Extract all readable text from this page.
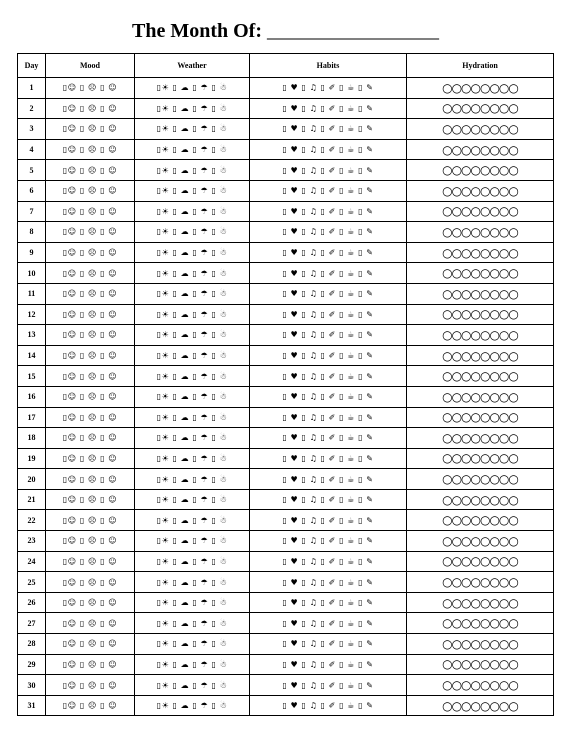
The Month Of: ___________________
Day	Mood	Weather	Habits	Hydration
1	▯☺ ▯ ☹ ▯ ☺	▯☀ ▯ ☁ ▯ ☂ ▯ ☃	▯ ♥ ▯ ♫ ▯ ✐ ▯ ☕ ▯ ✎	○○○○○○○○
2	▯☺ ▯ ☹ ▯ ☺	▯☀ ▯ ☁ ▯ ☂ ▯ ☃	▯ ♥ ▯ ♫ ▯ ✐ ▯ ☕ ▯ ✎	○○○○○○○○
3	▯☺ ▯ ☹ ▯ ☺	▯☀ ▯ ☁ ▯ ☂ ▯ ☃	▯ ♥ ▯ ♫ ▯ ✐ ▯ ☕ ▯ ✎	○○○○○○○○
4	▯☺ ▯ ☹ ▯ ☺	▯☀ ▯ ☁ ▯ ☂ ▯ ☃	▯ ♥ ▯ ♫ ▯ ✐ ▯ ☕ ▯ ✎	○○○○○○○○
5	▯☺ ▯ ☹ ▯ ☺	▯☀ ▯ ☁ ▯ ☂ ▯ ☃	▯ ♥ ▯ ♫ ▯ ✐ ▯ ☕ ▯ ✎	○○○○○○○○
6	▯☺ ▯ ☹ ▯ ☺	▯☀ ▯ ☁ ▯ ☂ ▯ ☃	▯ ♥ ▯ ♫ ▯ ✐ ▯ ☕ ▯ ✎	○○○○○○○○
7	▯☺ ▯ ☹ ▯ ☺	▯☀ ▯ ☁ ▯ ☂ ▯ ☃	▯ ♥ ▯ ♫ ▯ ✐ ▯ ☕ ▯ ✎	○○○○○○○○
8	▯☺ ▯ ☹ ▯ ☺	▯☀ ▯ ☁ ▯ ☂ ▯ ☃	▯ ♥ ▯ ♫ ▯ ✐ ▯ ☕ ▯ ✎	○○○○○○○○
9	▯☺ ▯ ☹ ▯ ☺	▯☀ ▯ ☁ ▯ ☂ ▯ ☃	▯ ♥ ▯ ♫ ▯ ✐ ▯ ☕ ▯ ✎	○○○○○○○○
10	▯☺ ▯ ☹ ▯ ☺	▯☀ ▯ ☁ ▯ ☂ ▯ ☃	▯ ♥ ▯ ♫ ▯ ✐ ▯ ☕ ▯ ✎	○○○○○○○○
11	▯☺ ▯ ☹ ▯ ☺	▯☀ ▯ ☁ ▯ ☂ ▯ ☃	▯ ♥ ▯ ♫ ▯ ✐ ▯ ☕ ▯ ✎	○○○○○○○○
12	▯☺ ▯ ☹ ▯ ☺	▯☀ ▯ ☁ ▯ ☂ ▯ ☃	▯ ♥ ▯ ♫ ▯ ✐ ▯ ☕ ▯ ✎	○○○○○○○○
13	▯☺ ▯ ☹ ▯ ☺	▯☀ ▯ ☁ ▯ ☂ ▯ ☃	▯ ♥ ▯ ♫ ▯ ✐ ▯ ☕ ▯ ✎	○○○○○○○○
14	▯☺ ▯ ☹ ▯ ☺	▯☀ ▯ ☁ ▯ ☂ ▯ ☃	▯ ♥ ▯ ♫ ▯ ✐ ▯ ☕ ▯ ✎	○○○○○○○○
15	▯☺ ▯ ☹ ▯ ☺	▯☀ ▯ ☁ ▯ ☂ ▯ ☃	▯ ♥ ▯ ♫ ▯ ✐ ▯ ☕ ▯ ✎	○○○○○○○○
16	▯☺ ▯ ☹ ▯ ☺	▯☀ ▯ ☁ ▯ ☂ ▯ ☃	▯ ♥ ▯ ♫ ▯ ✐ ▯ ☕ ▯ ✎	○○○○○○○○
17	▯☺ ▯ ☹ ▯ ☺	▯☀ ▯ ☁ ▯ ☂ ▯ ☃	▯ ♥ ▯ ♫ ▯ ✐ ▯ ☕ ▯ ✎	○○○○○○○○
18	▯☺ ▯ ☹ ▯ ☺	▯☀ ▯ ☁ ▯ ☂ ▯ ☃	▯ ♥ ▯ ♫ ▯ ✐ ▯ ☕ ▯ ✎	○○○○○○○○
19	▯☺ ▯ ☹ ▯ ☺	▯☀ ▯ ☁ ▯ ☂ ▯ ☃	▯ ♥ ▯ ♫ ▯ ✐ ▯ ☕ ▯ ✎	○○○○○○○○
20	▯☺ ▯ ☹ ▯ ☺	▯☀ ▯ ☁ ▯ ☂ ▯ ☃	▯ ♥ ▯ ♫ ▯ ✐ ▯ ☕ ▯ ✎	○○○○○○○○
21	▯☺ ▯ ☹ ▯ ☺	▯☀ ▯ ☁ ▯ ☂ ▯ ☃	▯ ♥ ▯ ♫ ▯ ✐ ▯ ☕ ▯ ✎	○○○○○○○○
22	▯☺ ▯ ☹ ▯ ☺	▯☀ ▯ ☁ ▯ ☂ ▯ ☃	▯ ♥ ▯ ♫ ▯ ✐ ▯ ☕ ▯ ✎	○○○○○○○○
23	▯☺ ▯ ☹ ▯ ☺	▯☀ ▯ ☁ ▯ ☂ ▯ ☃	▯ ♥ ▯ ♫ ▯ ✐ ▯ ☕ ▯ ✎	○○○○○○○○
24	▯☺ ▯ ☹ ▯ ☺	▯☀ ▯ ☁ ▯ ☂ ▯ ☃	▯ ♥ ▯ ♫ ▯ ✐ ▯ ☕ ▯ ✎	○○○○○○○○
25	▯☺ ▯ ☹ ▯ ☺	▯☀ ▯ ☁ ▯ ☂ ▯ ☃	▯ ♥ ▯ ♫ ▯ ✐ ▯ ☕ ▯ ✎	○○○○○○○○
26	▯☺ ▯ ☹ ▯ ☺	▯☀ ▯ ☁ ▯ ☂ ▯ ☃	▯ ♥ ▯ ♫ ▯ ✐ ▯ ☕ ▯ ✎	○○○○○○○○
27	▯☺ ▯ ☹ ▯ ☺	▯☀ ▯ ☁ ▯ ☂ ▯ ☃	▯ ♥ ▯ ♫ ▯ ✐ ▯ ☕ ▯ ✎	○○○○○○○○
28	▯☺ ▯ ☹ ▯ ☺	▯☀ ▯ ☁ ▯ ☂ ▯ ☃	▯ ♥ ▯ ♫ ▯ ✐ ▯ ☕ ▯ ✎	○○○○○○○○
29	▯☺ ▯ ☹ ▯ ☺	▯☀ ▯ ☁ ▯ ☂ ▯ ☃	▯ ♥ ▯ ♫ ▯ ✐ ▯ ☕ ▯ ✎	○○○○○○○○
30	▯☺ ▯ ☹ ▯ ☺	▯☀ ▯ ☁ ▯ ☂ ▯ ☃	▯ ♥ ▯ ♫ ▯ ✐ ▯ ☕ ▯ ✎	○○○○○○○○
31	▯☺ ▯ ☹ ▯ ☺	▯☀ ▯ ☁ ▯ ☂ ▯ ☃	▯ ♥ ▯ ♫ ▯ ✐ ▯ ☕ ▯ ✎	○○○○○○○○
